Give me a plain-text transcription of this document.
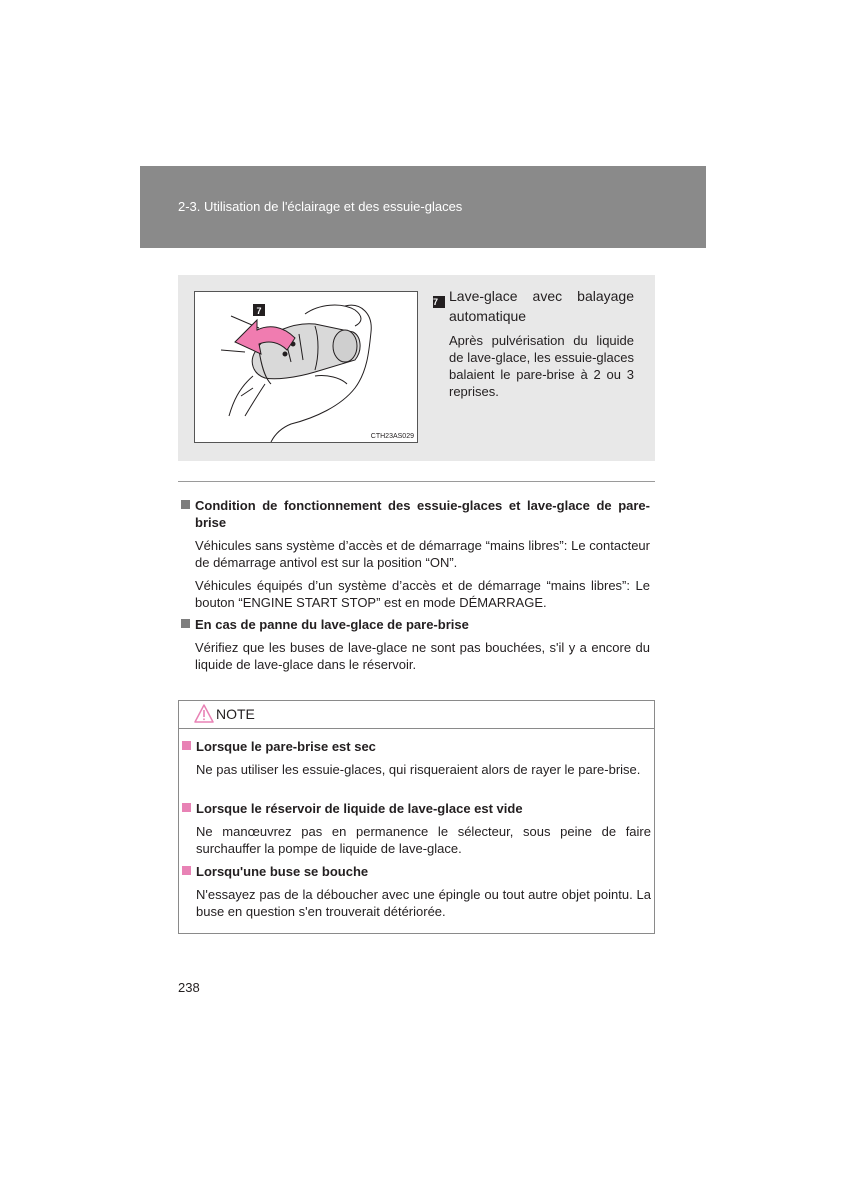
2-3. Utilisation de l'éclairage et des essuie-glaces
7
CTH23AS029
7 Lave-glace avec balayage automatique
Après pulvérisation du liquide de lave-glace, les essuie-glaces balaient le pare-brise à 2 ou 3 reprises.
Condition de fonctionnement des essuie-glaces et lave-glace de pare-brise
Véhicules sans système d’accès et de démarrage “mains libres”: Le contacteur de démarrage antivol est sur la position “ON”.
Véhicules équipés d’un système d’accès et de démarrage “mains libres”: Le bouton “ENGINE START STOP” est en mode DÉMARRAGE.
En cas de panne du lave-glace de pare-brise
Vérifiez que les buses de lave-glace ne sont pas bouchées, s'il y a encore du liquide de lave-glace dans le réservoir.
NOTE
Lorsque le pare-brise est sec
Ne pas utiliser les essuie-glaces, qui risqueraient alors de rayer le pare-brise.
Lorsque le réservoir de liquide de lave-glace est vide
Ne manœuvrez pas en permanence le sélecteur, sous peine de faire surchauffer la pompe de liquide de lave-glace.
Lorsqu'une buse se bouche
N'essayez pas de la déboucher avec une épingle ou tout autre objet pointu. La buse en question s'en trouverait détériorée.
238
